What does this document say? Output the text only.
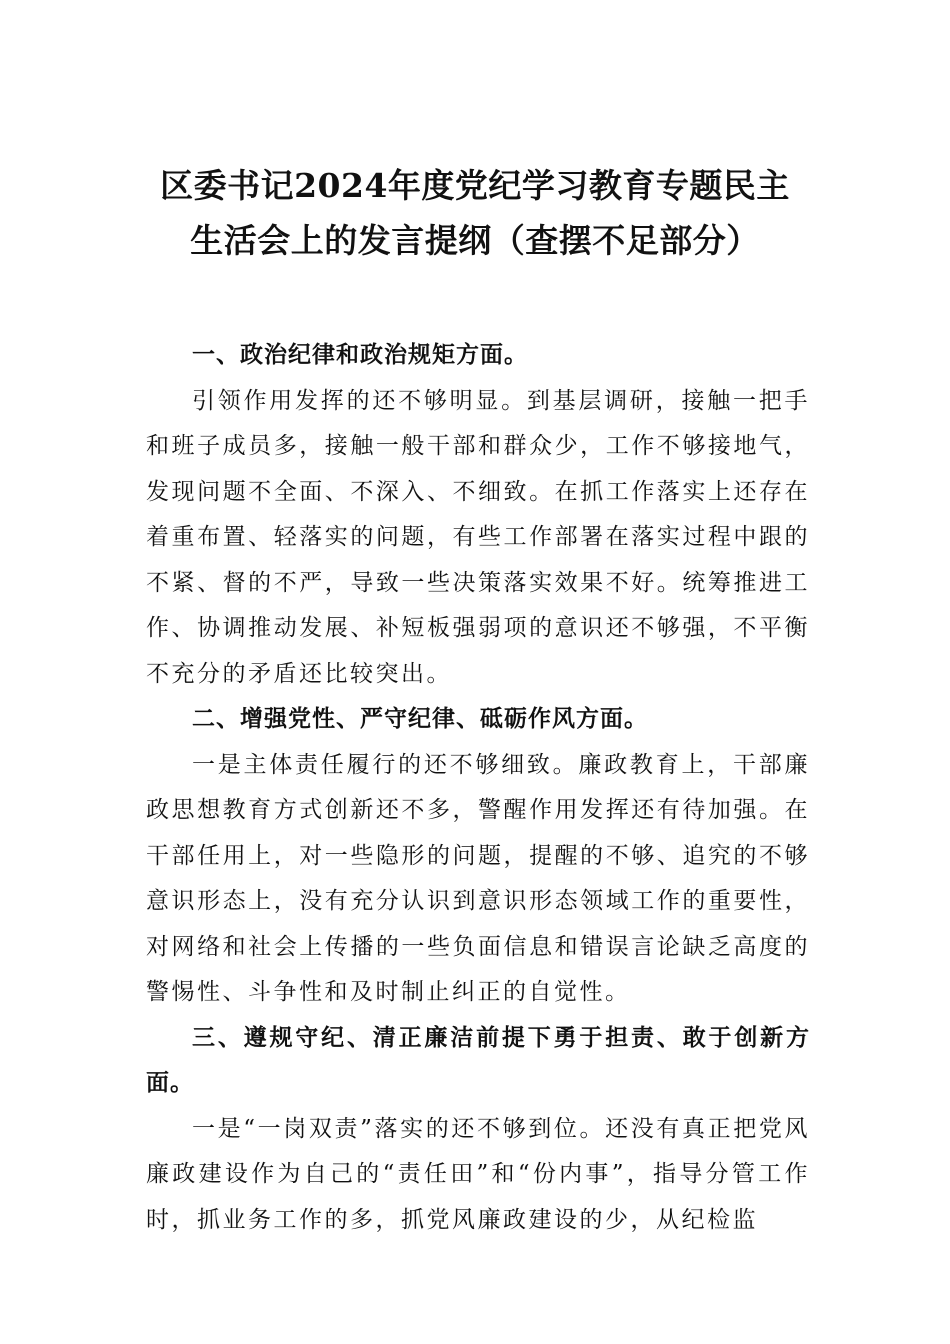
区委书记2024年度党纪学习教育专题民主
生活会上的发言提纲（查摆不足部分）

一、政治纪律和政治规矩方面。

引领作用发挥的还不够明显。到基层调研，接触一把手和班子成员多，接触一般干部和群众少，工作不够接地气，发现问题不全面、不深入、不细致。在抓工作落实上还存在着重布置、轻落实的问题，有些工作部署在落实过程中跟的不紧、督的不严，导致一些决策落实效果不好。统筹推进工作、协调推动发展、补短板强弱项的意识还不够强，不平衡不充分的矛盾还比较突出。

二、增强党性、严守纪律、砥砺作风方面。

一是主体责任履行的还不够细致。廉政教育上，干部廉政思想教育方式创新还不多，警醒作用发挥还有待加强。在干部任用上，对一些隐形的问题，提醒的不够、追究的不够意识形态上，没有充分认识到意识形态领域工作的重要性，对网络和社会上传播的一些负面信息和错误言论缺乏高度的警惕性、斗争性和及时制止纠正的自觉性。

三、遵规守纪、清正廉洁前提下勇于担责、敢于创新方面。

一是“一岗双责”落实的还不够到位。还没有真正把党风廉政建设作为自己的“责任田”和“份内事”，指导分管工作时，抓业务工作的多，抓党风廉政建设的少，从纪检监
